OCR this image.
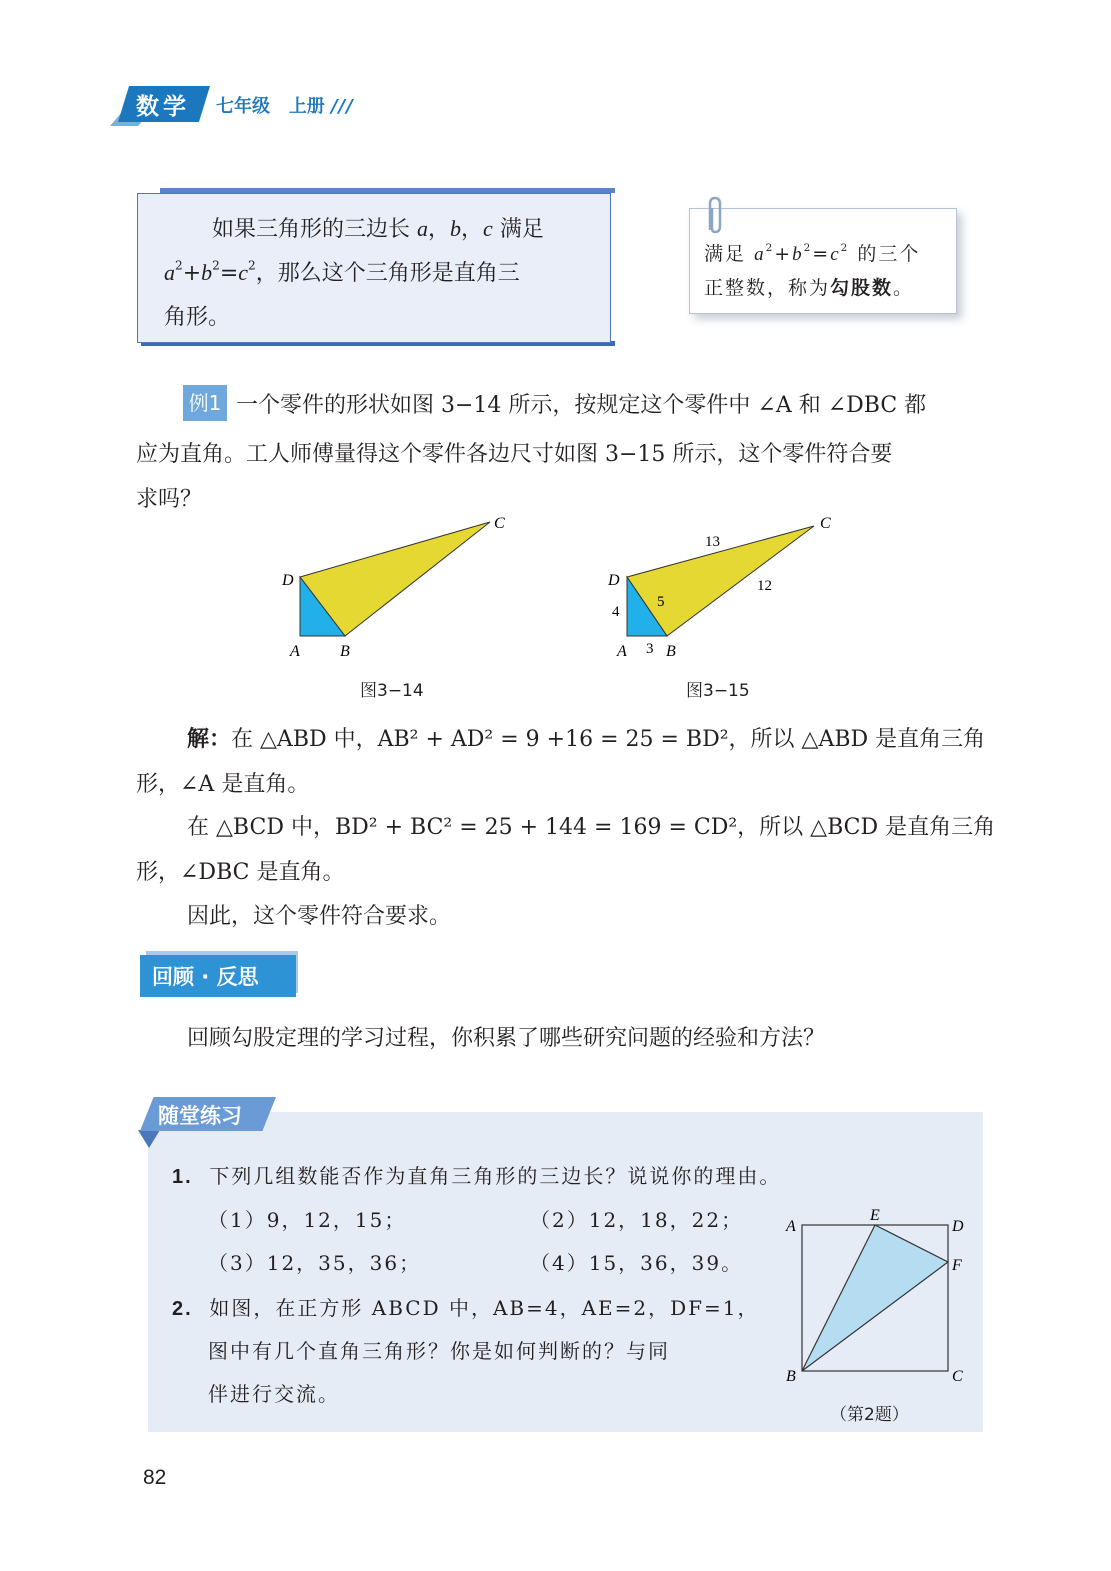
数学 七年级 上册 ///
如果三角形的三边长 a，b，c 满足
$a^2+b^2=c^2$，那么这个三角形是直角三
角形。
满足 $a^2+b^2=c^2$ 的三个
正整数，称为勾股数。
例1 一个零件的形状如图 3−14 所示，按规定这个零件中 ∠A 和 ∠DBC 都
应为直角。工人师傅量得这个零件各边尺寸如图 3−15 所示，这个零件符合要
求吗？
D
A	B
C
图3−14
D
A B
C
4
3
5
12
13
图3−15
解：在 △ABD 中，AB² + AD² = 9 +16 = 25 = BD²，所以 △ABD 是直角三角
形，∠A 是直角。
在 △BCD 中，BD² + BC² = 25 + 144 = 169 = CD²，所以 △BCD 是直角三角
形，∠DBC 是直角。
因此，这个零件符合要求。
回顾 · 反思
回顾勾股定理的学习过程，你积累了哪些研究问题的经验和方法？
随堂练习
1. 下列几组数能否作为直角三角形的三边长？说说你的理由。
（1）9，12，15；	（2）12，18，22；
（3）12，35，36；	（4）15，36，39。
2. 如图，在正方形 ABCD 中，AB=4，AE=2，DF=1，
图中有几个直角三角形？你是如何判断的？与同
伴进行交流。
A
E
D
F
B	C
（第2题）
82
